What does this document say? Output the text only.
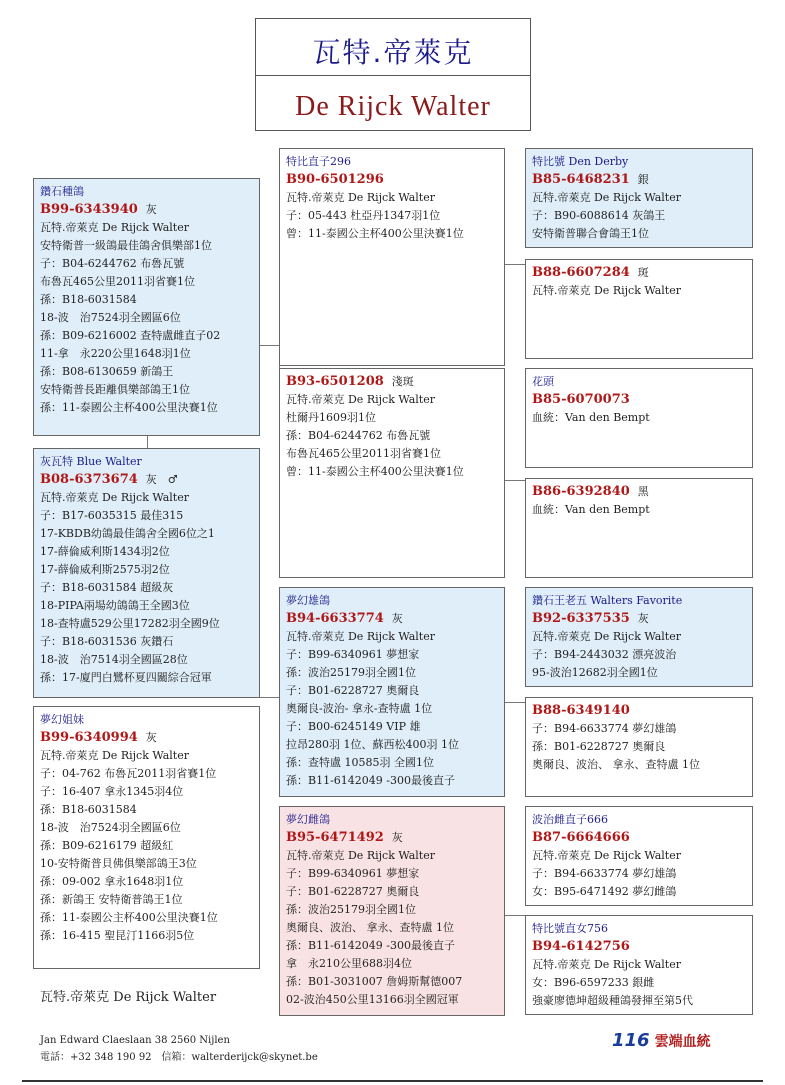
瓦特.帝萊克
De Rijck Walter
鑽石種鴿
B99-6343940 灰
瓦特.帝萊克 De Rijck Walter
安特衛普一級鴿最佳鴿舍俱樂部1位
子：B04-6244762 布魯瓦號
布魯瓦465公里2011羽省賽1位
孫：B18-6031584
18-波　治7524羽全國區6位
孫：B09-6216002 查特盧雌直子02
11-拿　永220公里1648羽1位
孫：B08-6130659 新鴿王
安特衛普長距離俱樂部鴿王1位
孫：11-泰國公主杯400公里決賽1位
灰瓦特 Blue Walter
B08-6373674 灰　♂
瓦特.帝萊克 De Rijck Walter
子：B17-6035315 最佳315
17-KBDB幼鴿最佳鴿舍全國6位之1
17-薛倫威利斯1434羽2位
17-薛倫威利斯2575羽2位
子：B18-6031584 超級灰
18-PIPA兩場幼鴿鴿王全國3位
18-查特盧529公里17282羽全國9位
子：B18-6031536 灰鑽石
18-波　治7514羽全國區28位
孫：17-廈門白鷺杯夏四關綜合冠軍
夢幻姐妹
B99-6340994 灰
瓦特.帝萊克 De Rijck Walter
子：04-762 布魯瓦2011羽省賽1位
子：16-407 拿永1345羽4位
孫：B18-6031584
18-波　治7524羽全國區6位
孫：B09-6216179 超級紅
10-安特衛普貝佛俱樂部鴿王3位
孫：09-002 拿永1648羽1位
孫：新鴿王 安特衛普鴿王1位
孫：11-泰國公主杯400公里決賽1位
孫：16-415 聖昆汀1166羽5位
特比直子296
B90-6501296
瓦特.帝萊克 De Rijck Walter
子：05-443 杜亞丹1347羽1位
曾：11-泰國公主杯400公里決賽1位
B93-6501208 淺斑
瓦特.帝萊克 De Rijck Walter
杜爾丹1609羽1位
孫：B04-6244762 布魯瓦號
布魯瓦465公里2011羽省賽1位
曾：11-泰國公主杯400公里決賽1位
夢幻雄鴿
B94-6633774 灰
瓦特.帝萊克 De Rijck Walter
子：B99-6340961 夢想家
孫：波治25179羽全國1位
子：B01-6228727 奧爾良
奧爾良-波治- 拿永-查特盧 1位
子：B00-6245149 VIP 雄
拉昂280羽 1位、蘇西松400羽 1位
孫：查特盧 10585羽 全國1位
孫：B11-6142049 -300最後直子
夢幻雌鴿
B95-6471492 灰
瓦特.帝萊克 De Rijck Walter
子：B99-6340961 夢想家
子：B01-6228727 奧爾良
孫：波治25179羽全國1位
奧爾良、波治、 拿永、查特盧 1位
孫：B11-6142049 -300最後直子
拿　永210公里688羽4位
孫：B01-3031007 詹姆斯幫德007
02-波治450公里13166羽全國冠軍
特比號 Den Derby
B85-6468231 銀
瓦特.帝萊克 De Rijck Walter
子：B90-6088614 灰鴿王
安特衛普聯合會鴿王1位
B88-6607284 斑
瓦特.帝萊克 De Rijck Walter
花頭
B85-6070073
血統：Van den Bempt
B86-6392840 黑
血統：Van den Bempt
鑽石王老五 Walters Favorite
B92-6337535 灰
瓦特.帝萊克 De Rijck Walter
子：B94-2443032 漂亮波治
95-波治12682羽全國1位
B88-6349140
子：B94-6633774 夢幻雄鴿
孫：B01-6228727 奧爾良
奧爾良、波治、 拿永、查特盧 1位
波治雌直子666
B87-6664666
瓦特.帝萊克 De Rijck Walter
子：B94-6633774 夢幻雄鴿
女：B95-6471492 夢幻雌鴿
特比號直女756
B94-6142756
瓦特.帝萊克 De Rijck Walter
女：B96-6597233 銀雌
強豪廖德坤超級種鴿發揮至第5代
瓦特.帝萊克 De Rijck Walter
Jan Edward Claeslaan 38 2560 Nijlen
電話：+32 348 190 92　信箱：walterderijck@skynet.be
116 雲端血統
